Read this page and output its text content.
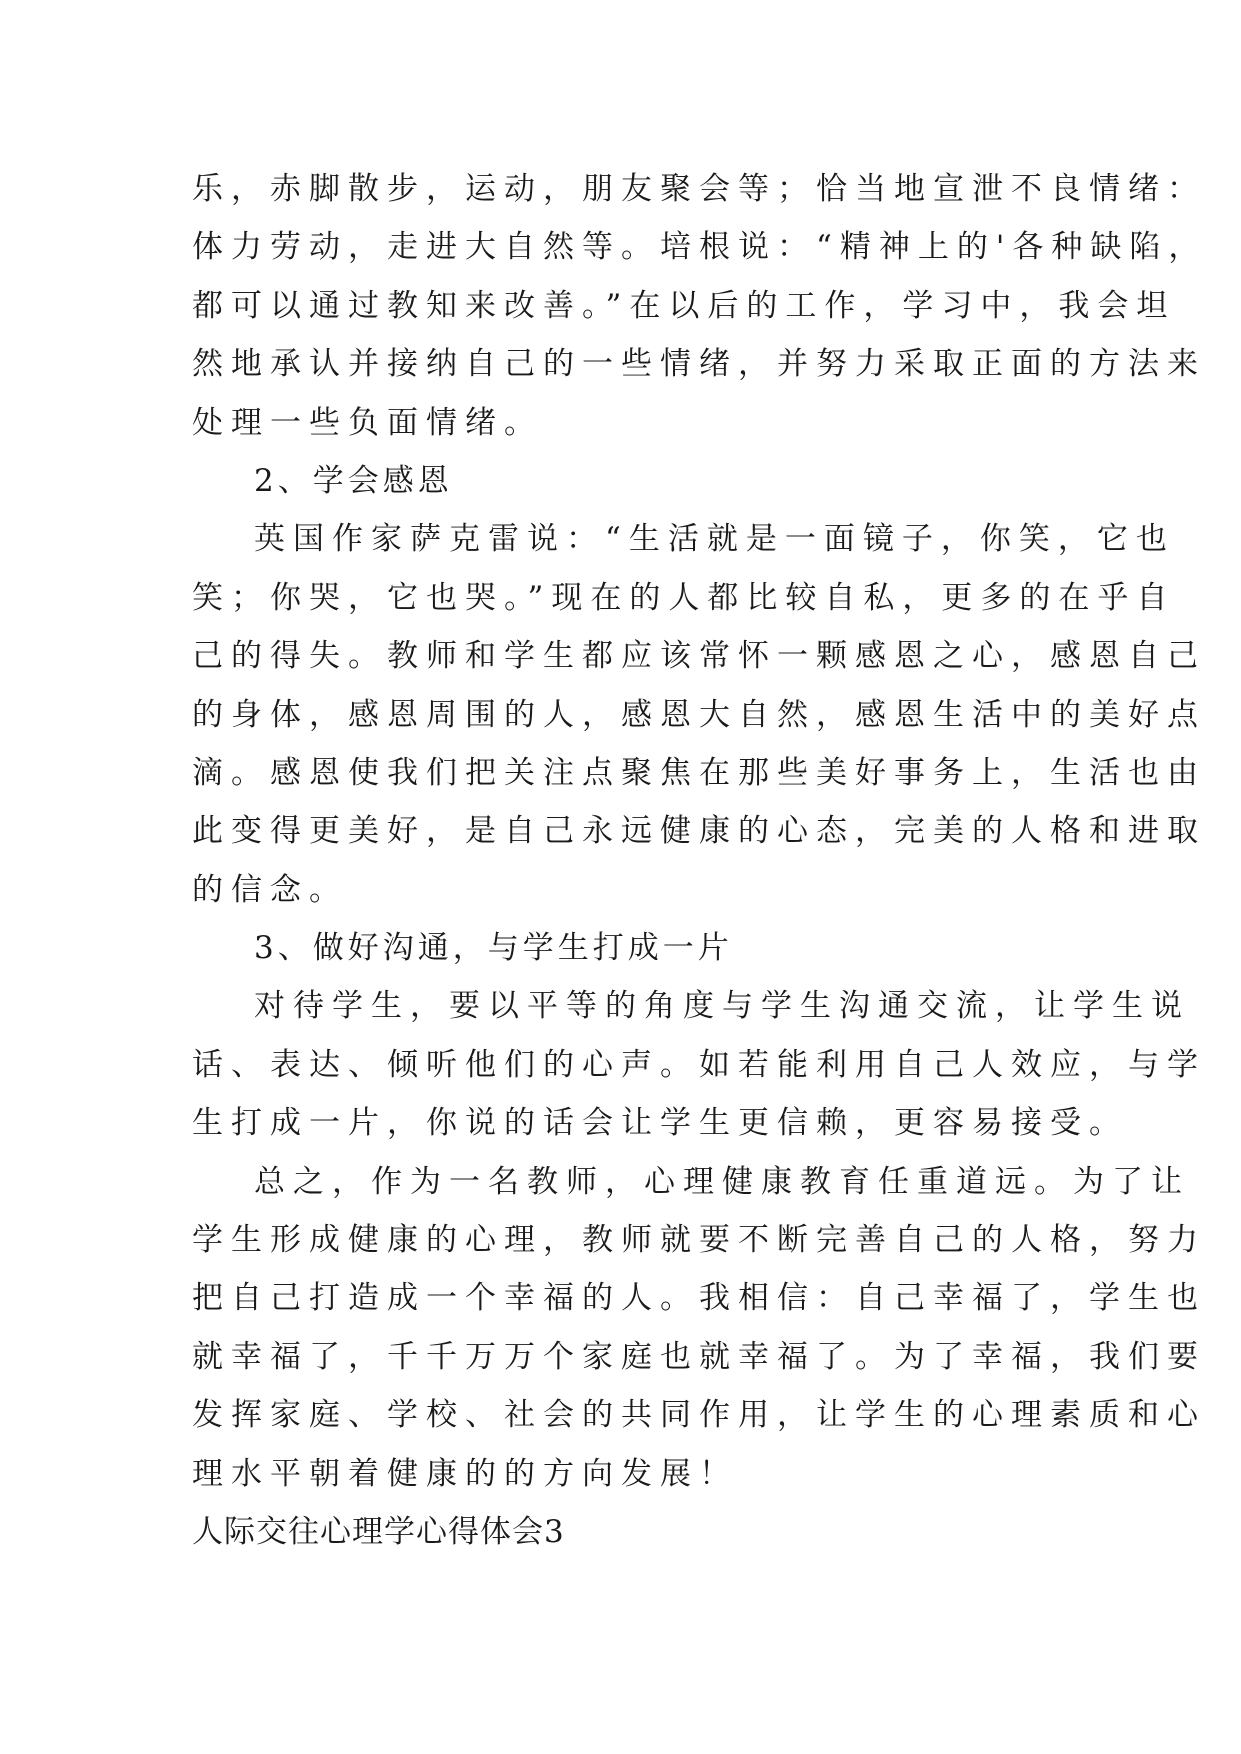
乐，赤脚散步，运动，朋友聚会等；恰当地宣泄不良情绪：
体力劳动，走进大自然等。培根说：“精神上的'各种缺陷，
都可以通过教知来改善。”在以后的工作，学习中，我会坦
然地承认并接纳自己的一些情绪，并努力采取正面的方法来
处理一些负面情绪。
2、学会感恩
英国作家萨克雷说：“生活就是一面镜子，你笑，它也
笑；你哭，它也哭。”现在的人都比较自私，更多的在乎自
己的得失。教师和学生都应该常怀一颗感恩之心，感恩自己
的身体，感恩周围的人，感恩大自然，感恩生活中的美好点
滴。感恩使我们把关注点聚焦在那些美好事务上，生活也由
此变得更美好，是自己永远健康的心态，完美的人格和进取
的信念。
3、做好沟通，与学生打成一片
对待学生，要以平等的角度与学生沟通交流，让学生说
话、表达、倾听他们的心声。如若能利用自己人效应，与学
生打成一片，你说的话会让学生更信赖，更容易接受。
总之，作为一名教师，心理健康教育任重道远。为了让
学生形成健康的心理，教师就要不断完善自己的人格，努力
把自己打造成一个幸福的人。我相信：自己幸福了，学生也
就幸福了，千千万万个家庭也就幸福了。为了幸福，我们要
发挥家庭、学校、社会的共同作用，让学生的心理素质和心
理水平朝着健康的的方向发展！
人际交往心理学心得体会3
